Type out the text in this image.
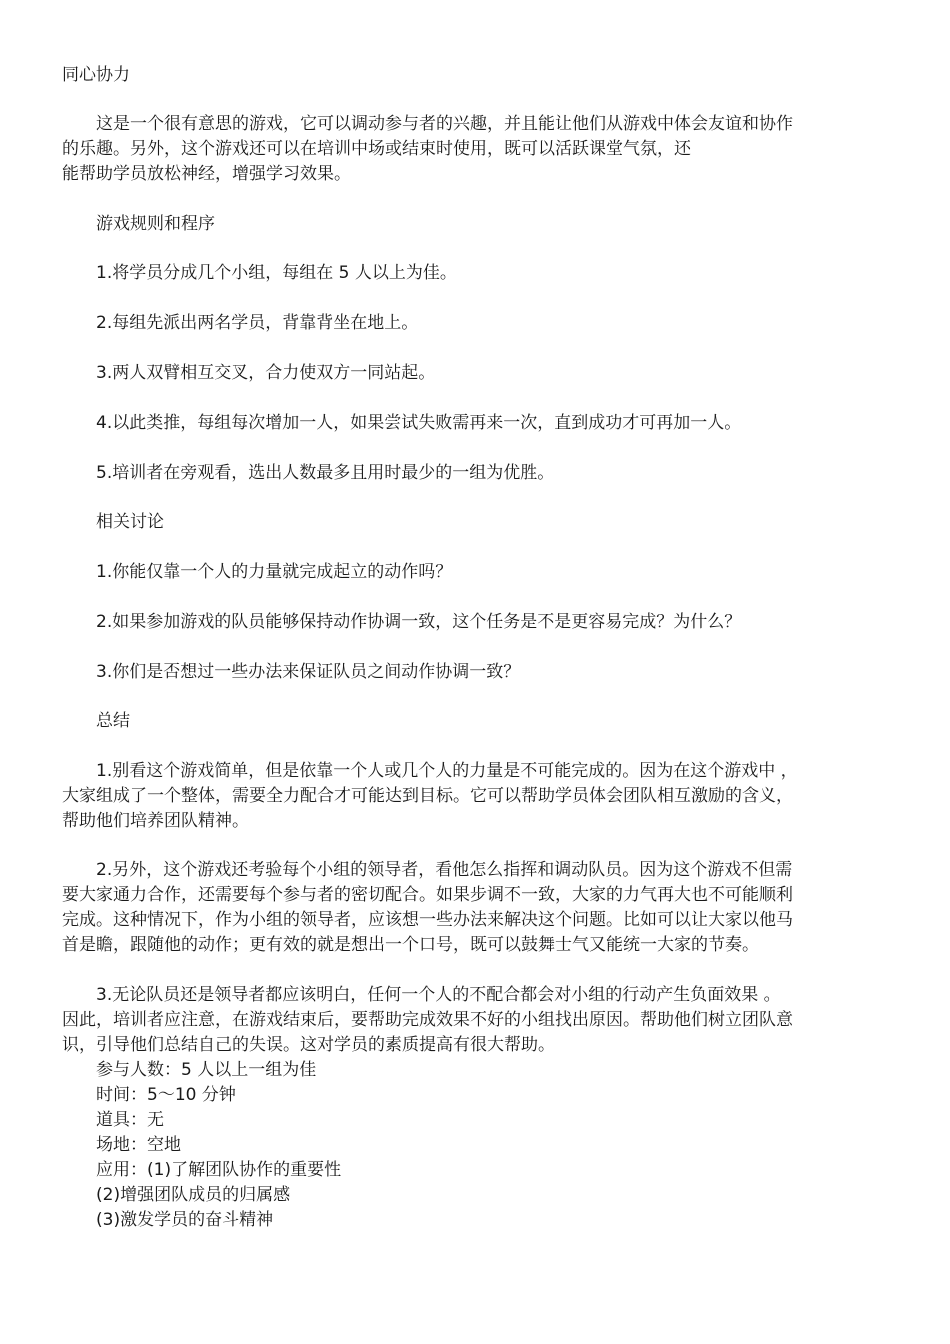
同心协力
这是一个很有意思的游戏，它可以调动参与者的兴趣，并且能让他们从游戏中体会友谊和协作
的乐趣。另外，这个游戏还可以在培训中场或结束时使用，既可以活跃课堂气氛，还
能帮助学员放松神经，增强学习效果。
游戏规则和程序
1.将学员分成几个小组，每组在 5 人以上为佳。
2.每组先派出两名学员，背靠背坐在地上。
3.两人双臂相互交叉，合力使双方一同站起。
4.以此类推，每组每次增加一人，如果尝试失败需再来一次，直到成功才可再加一人。
5.培训者在旁观看，选出人数最多且用时最少的一组为优胜。
相关讨论
1.你能仅靠一个人的力量就完成起立的动作吗？
2.如果参加游戏的队员能够保持动作协调一致，这个任务是不是更容易完成？为什么？
3.你们是否想过一些办法来保证队员之间动作协调一致？
总结
1.别看这个游戏简单，但是依靠一个人或几个人的力量是不可能完成的。因为在这个游戏中 ，
大家组成了一个整体，需要全力配合才可能达到目标。它可以帮助学员体会团队相互激励的含义，
帮助他们培养团队精神。
2.另外，这个游戏还考验每个小组的领导者，看他怎么指挥和调动队员。因为这个游戏不但需
要大家通力合作，还需要每个参与者的密切配合。如果步调不一致，大家的力气再大也不可能顺利
完成。这种情况下，作为小组的领导者，应该想一些办法来解决这个问题。比如可以让大家以他马
首是瞻，跟随他的动作；更有效的就是想出一个口号，既可以鼓舞士气又能统一大家的节奏。
3.无论队员还是领导者都应该明白，任何一个人的不配合都会对小组的行动产生负面效果 。
因此，培训者应注意，在游戏结束后，要帮助完成效果不好的小组找出原因。帮助他们树立团队意
识，引导他们总结自己的失误。这对学员的素质提高有很大帮助。
参与人数：5 人以上一组为佳
时间：5～10 分钟
道具：无
场地：空地
应用：(1)了解团队协作的重要性
(2)增强团队成员的归属感
(3)激发学员的奋斗精神
